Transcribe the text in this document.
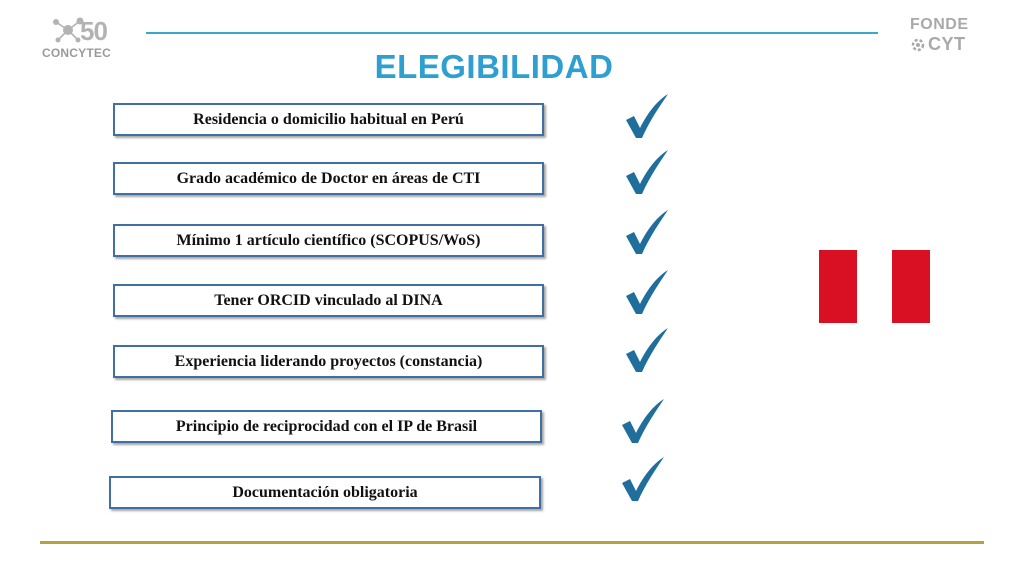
50
CONCYTEC
FONDE
CYT
ELEGIBILIDAD
Residencia o domicilio habitual en Perú
Grado académico de Doctor en áreas de CTI
Mínimo 1 artículo científico (SCOPUS/WoS)
Tener ORCID vinculado al DINA
Experiencia liderando proyectos (constancia)
Principio de reciprocidad con el IP de Brasil
Documentación obligatoria
